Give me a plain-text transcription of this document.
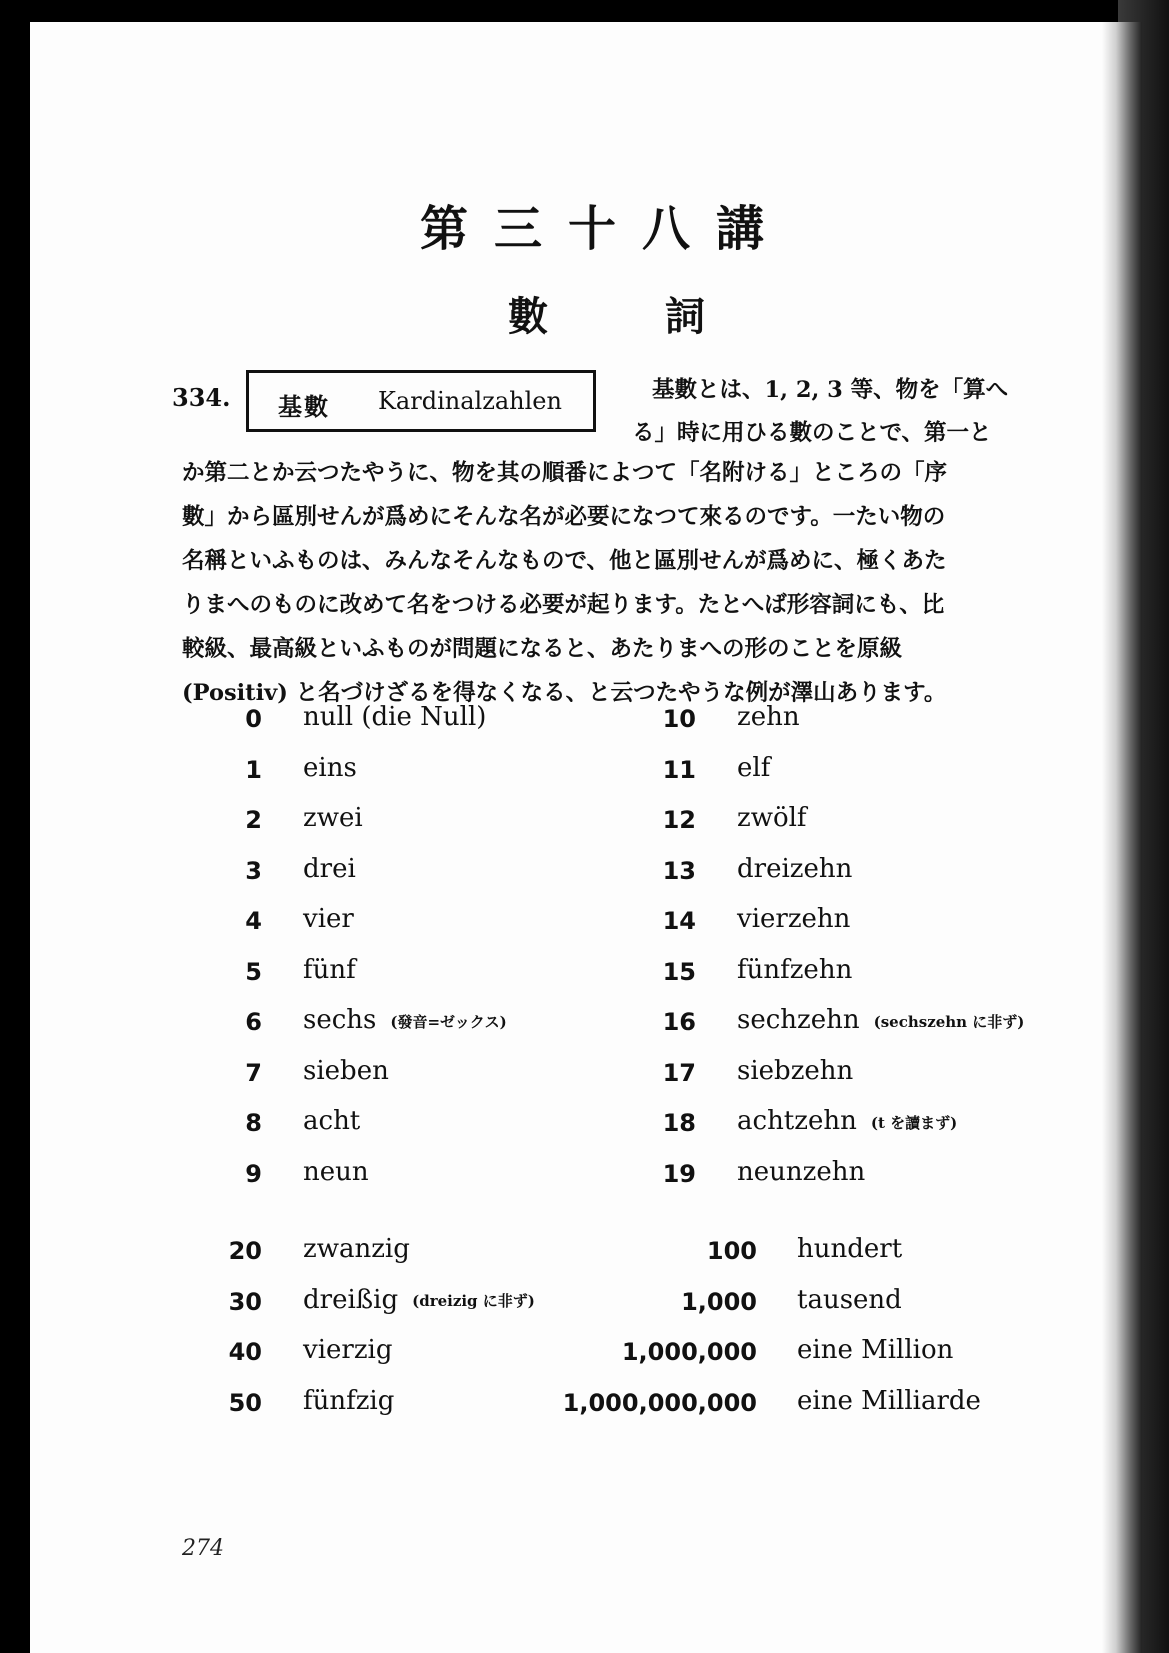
第三十八講
數	詞
334. 基數 Kardinalzahlen	基數とは、1, 2, 3 等、物を「算へ
る」時に用ひる數のことで、第一と
か第二とか云つたやうに、物を其の順番によつて「名附ける」ところの「序
數」から區別せんが爲めにそんな名が必要になつて來るのです。一たい物の
名稱といふものは、みんなそんなもので、他と區別せんが爲めに、極くあた
りまへのものに改めて名をつける必要が起ります。たとへば形容詞にも、比
較級、最高級といふものが問題になると、あたりまへの形のことを原級
(Positiv) と名づけざるを得なくなる、と云つたやうな例が澤山あります。
0 null (die Null)
1 eins
2 zwei
3 drei
4 vier
5 fünf
6 sechs (發音=ゼックス)
7 sieben
8 acht
9 neun
10 zehn
11 elf
12 zwölf
13 dreizehn
14 vierzehn
15 fünfzehn
16 sechzehn (sechszehn に非ず)
17 siebzehn
18 achtzehn (t を讀まず)
19 neunzehn
20 zwanzig
30 dreißig (dreizig に非ず)
40 vierzig
50 fünfzig
100 hundert
1,000 tausend
1,000,000 eine Million
1,000,000,000 eine Milliarde
274
